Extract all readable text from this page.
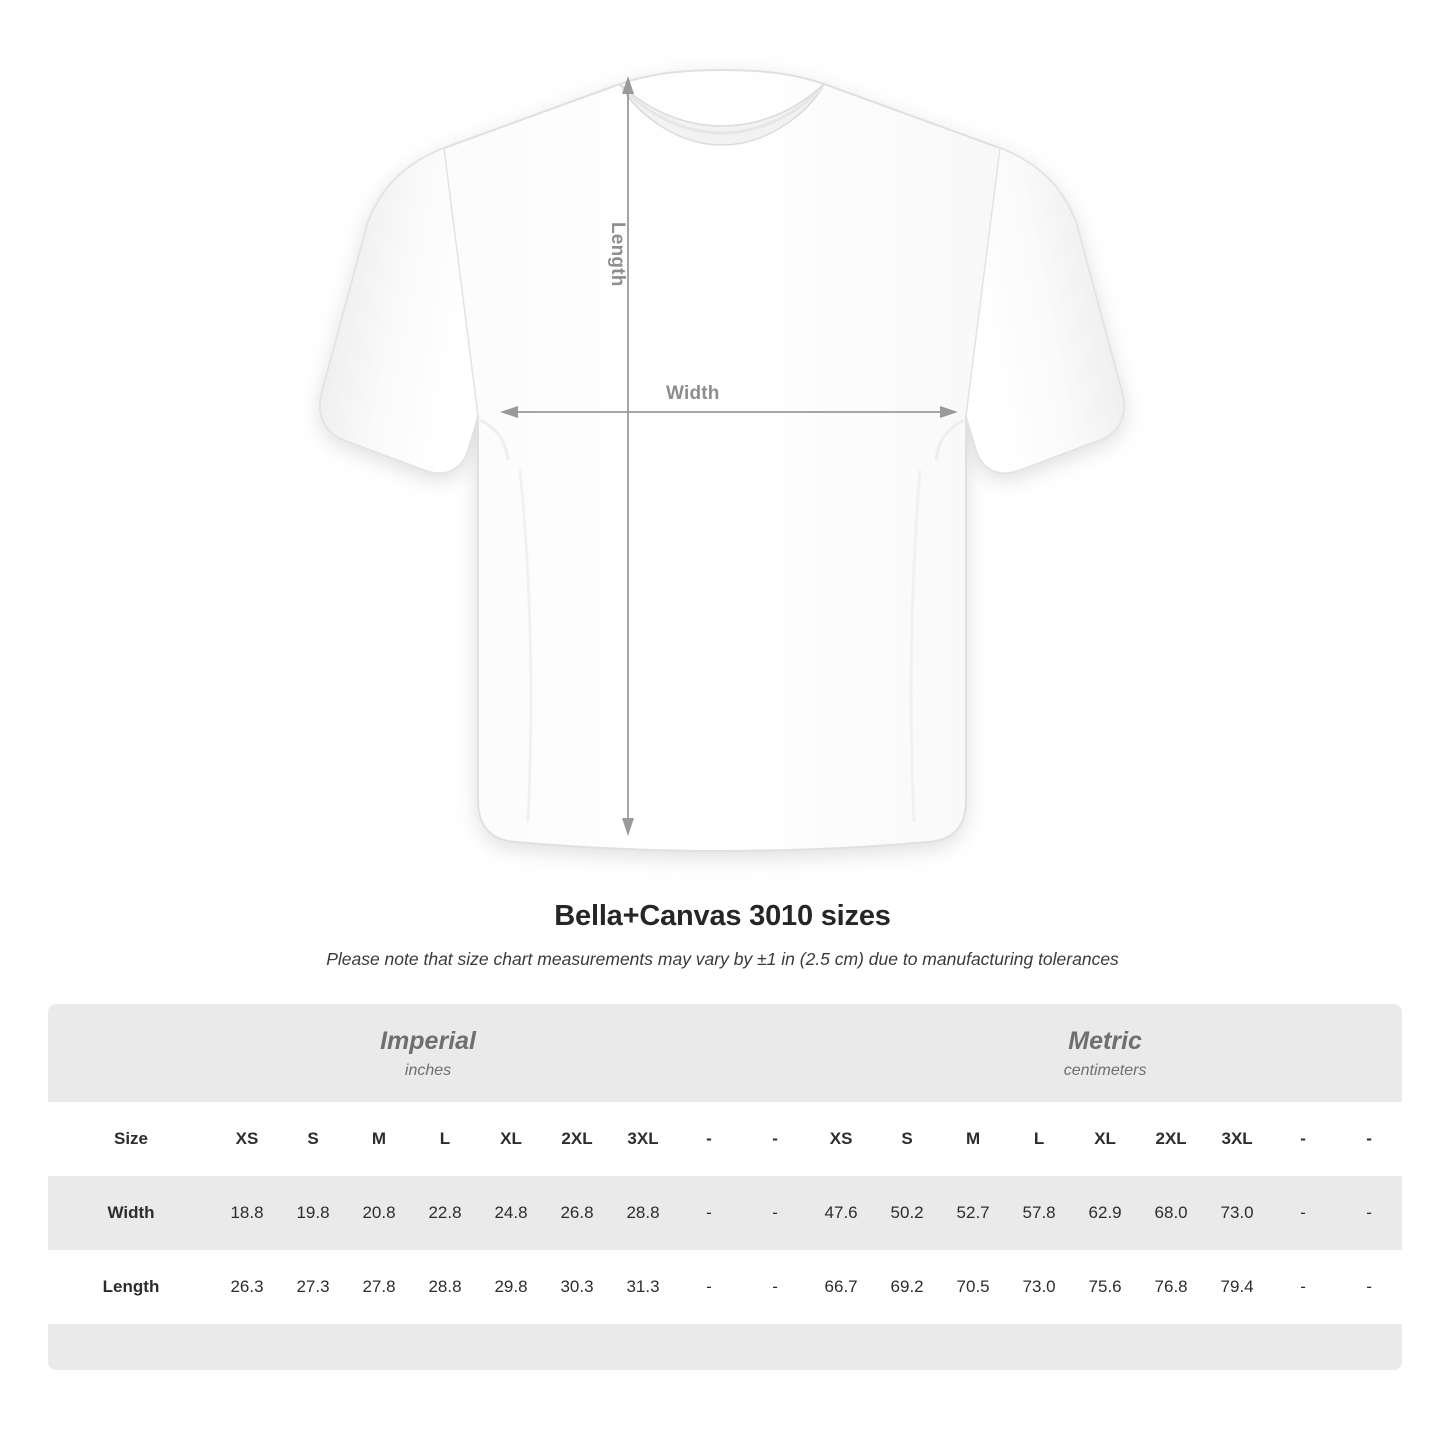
Length
Width
Bella+Canvas 3010 sizes

Please note that size chart measurements may vary by ±1 in (2.5 cm) due to manufacturing tolerances

Imperial
inches

Metric
centimeters

Size	XS	S	M	L	XL	2XL	3XL	-	-	XS	S	M	L	XL	2XL	3XL	-	-
Width	18.8	19.8	20.8	22.8	24.8	26.8	28.8	-	-	47.6	50.2	52.7	57.8	62.9	68.0	73.0	-	-
Length	26.3	27.3	27.8	28.8	29.8	30.3	31.3	-	-	66.7	69.2	70.5	73.0	75.6	76.8	79.4	-	-
